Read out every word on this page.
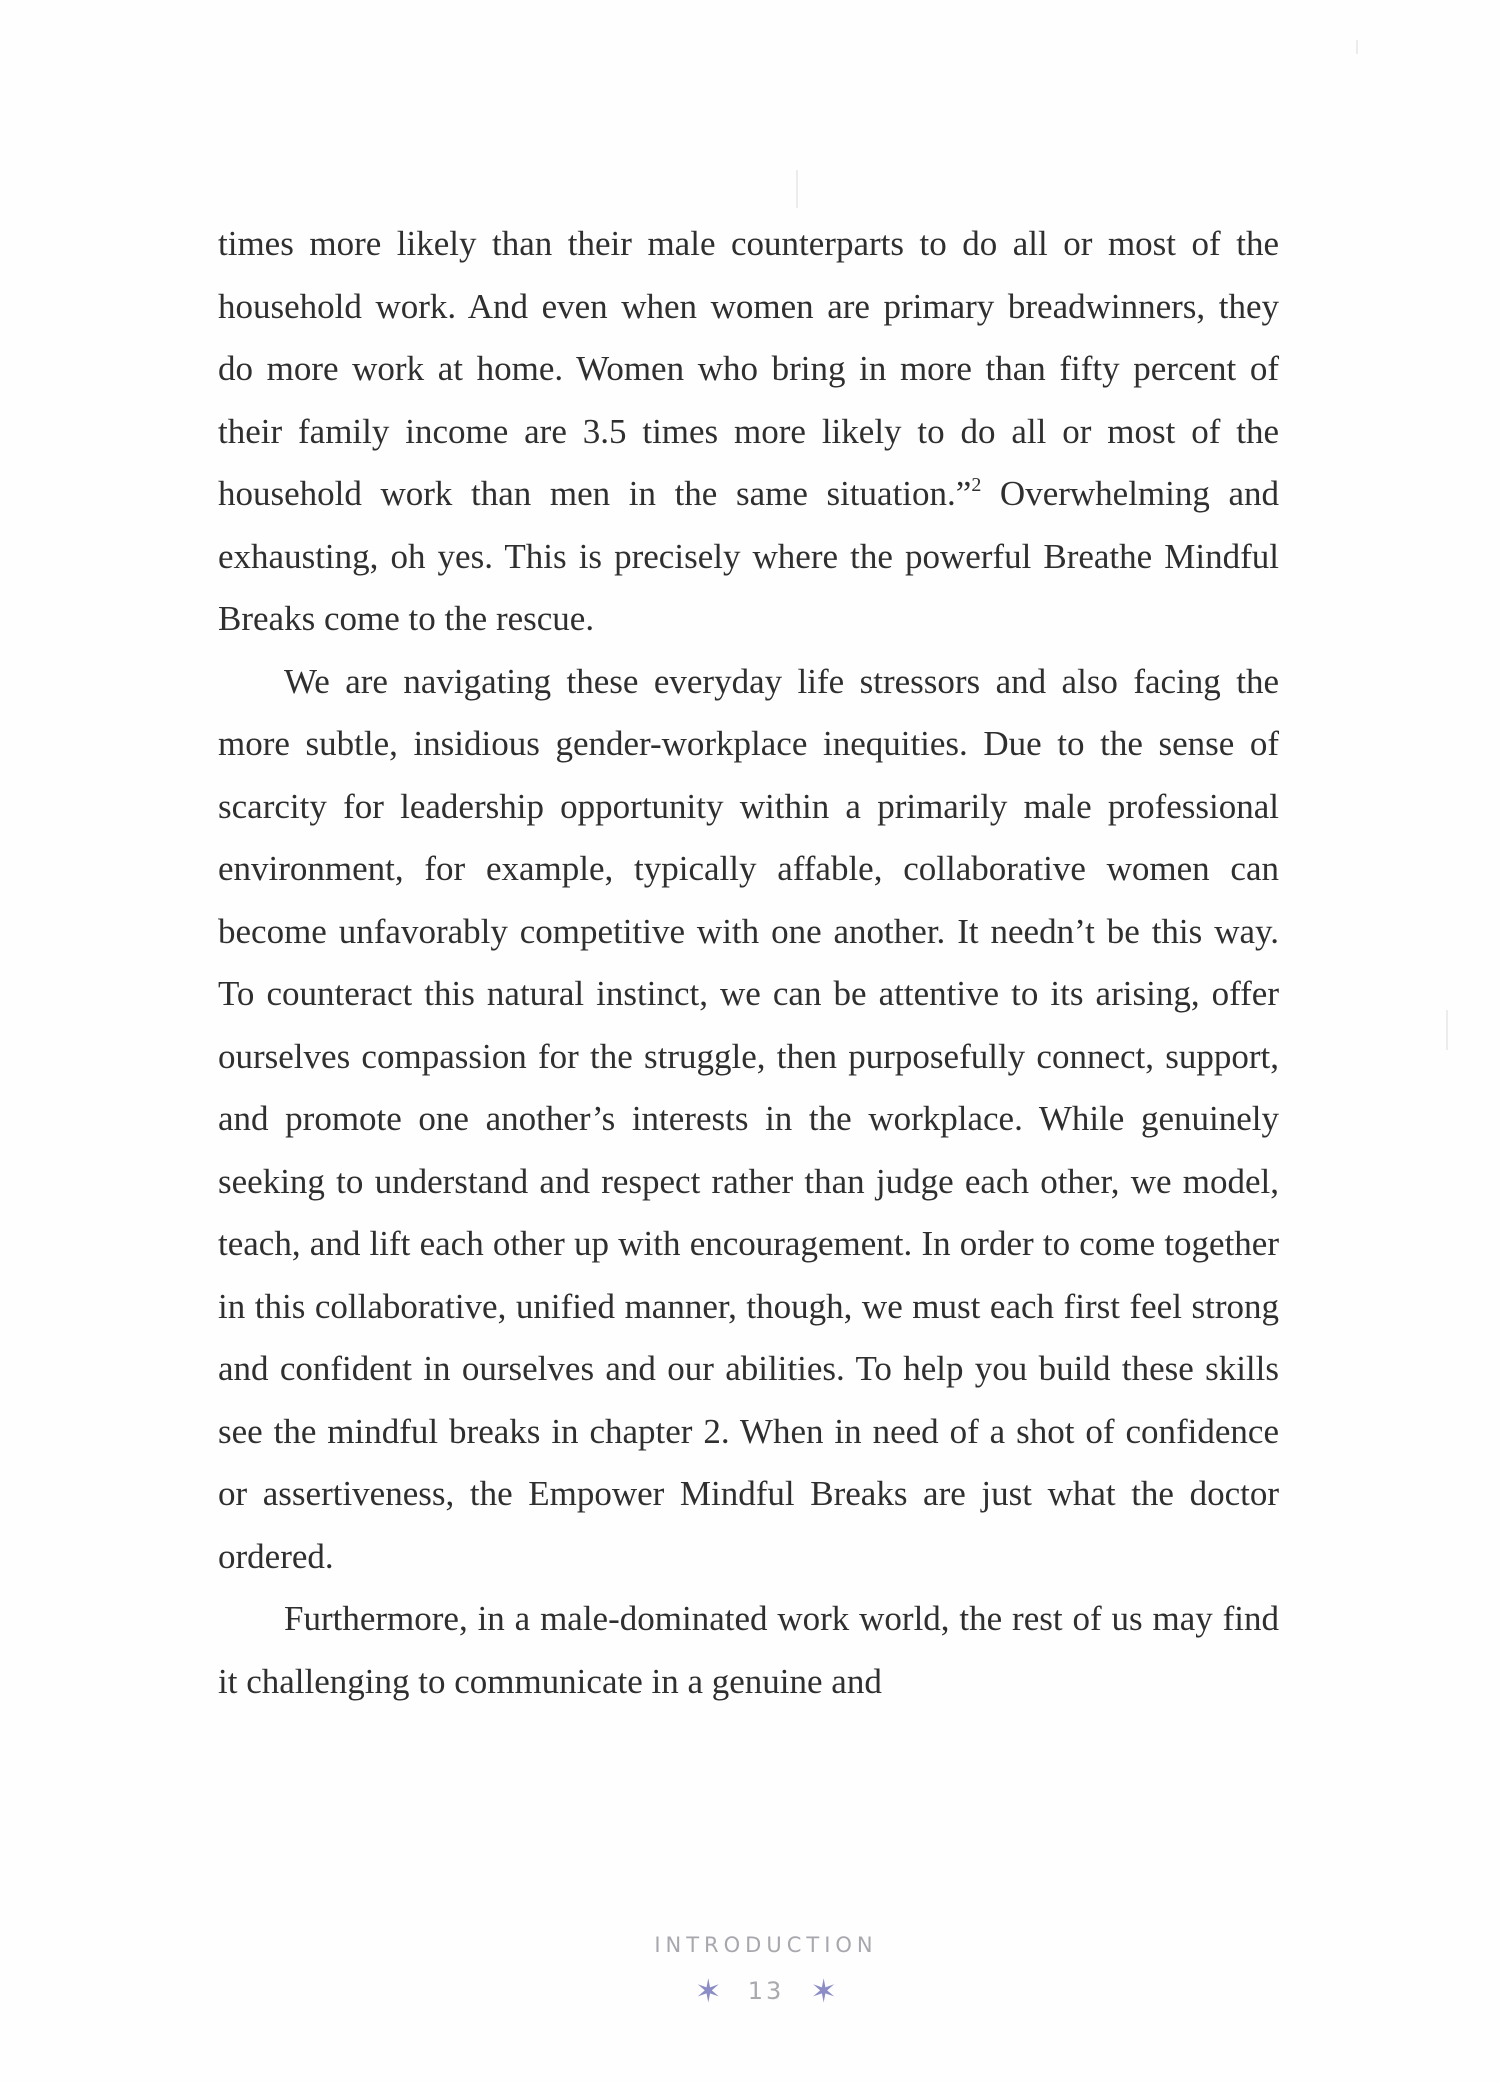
times more likely than their male counterparts to do all or most of the household work. And even when women are primary breadwinners, they do more work at home. Women who bring in more than fifty percent of their family income are 3.5 times more likely to do all or most of the household work than men in the same situation.”$^2$ Overwhelming and exhausting, oh yes. This is precisely where the powerful Breathe Mindful Breaks come to the rescue.

We are navigating these everyday life stressors and also facing the more subtle, insidious gender-workplace inequities. Due to the sense of scarcity for leadership opportunity within a primarily male professional environment, for example, typically affable, collaborative women can become unfavorably competitive with one another. It needn’t be this way. To counteract this natural instinct, we can be attentive to its arising, offer ourselves compassion for the struggle, then purposefully connect, support, and promote one another’s interests in the workplace. While genuinely seeking to understand and respect rather than judge each other, we model, teach, and lift each other up with encouragement. In order to come together in this collaborative, unified manner, though, we must each first feel strong and confident in ourselves and our abilities. To help you build these skills see the mindful breaks in chapter 2. When in need of a shot of confidence or assertiveness, the Empower Mindful Breaks are just what the doctor ordered.

Furthermore, in a male-dominated work world, the rest of us may find it challenging to communicate in a genuine and

INTRODUCTION
✶ 13 ✶
